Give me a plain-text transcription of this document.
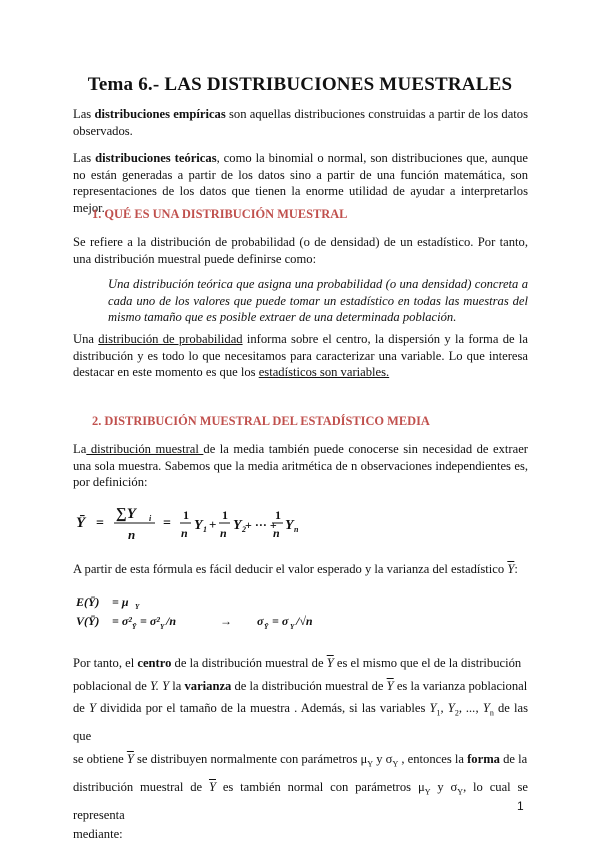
Tema 6.- LAS DISTRIBUCIONES MUESTRALES

Las distribuciones empíricas son aquellas distribuciones construidas a partir de los datos observados.

Las distribuciones teóricas, como la binomial o normal, son distribuciones que, aunque no están generadas a partir de los datos sino a partir de una función matemática, son representaciones de los datos que tienen la enorme utilidad de ayudar a interpretarlos mejor.

1. QUÉ ES UNA DISTRIBUCIÓN MUESTRAL

Se refiere a la distribución de probabilidad (o de densidad) de un estadístico. Por tanto, una distribución muestral puede definirse como:

Una distribución teórica que asigna una probabilidad (o una densidad) concreta a cada uno de los valores que puede tomar un estadístico en todas las muestras del mismo tamaño que es posible extraer de una determinada población.

Una distribución de probabilidad informa sobre el centro, la dispersión y la forma de la distribución y es todo lo que necesitamos para caracterizar una variable. Lo que interesa destacar en este momento es que los estadísticos son variables.

2. DISTRIBUCIÓN MUESTRAL DEL ESTADÍSTICO MEDIA

La distribución muestral de la media también puede conocerse sin necesidad de extraer una sola muestra. Sabemos que la media aritmética de n observaciones independientes es, por definición:

Ȳ =
∑Y i
n
=
1
n Y 1 +
1
n Y 2 + ··· +
1
n Y n

A partir de esta fórmula es fácil deducir el valor esperado y la varianza del estadístico $\overline{Y}$:

E(Ȳ) = μ Y
V(Ȳ) = σ² Ȳ = σ² Y /n	→ σ Ȳ = σ Y /√n
Por tanto, el centro de la distribución muestral de $\overline{Y}$ es el mismo que el de la distribución
poblacional de Y. Y la varianza de la distribución muestral de $\overline{Y}$ es la varianza poblacional
de Y dividida por el tamaño de la muestra . Además, si las variables $Y_1$, $Y_2$, ..., $Y_n$ de las que
se obtiene $\overline{Y}$ se distribuyen normalmente con parámetros $\mu_Y$ y $\sigma_Y$ , entonces la forma de la
distribución muestral de $\overline{Y}$ es también normal con parámetros $\mu_Y$ y $\sigma_Y$, lo cual se representa
mediante:
1
